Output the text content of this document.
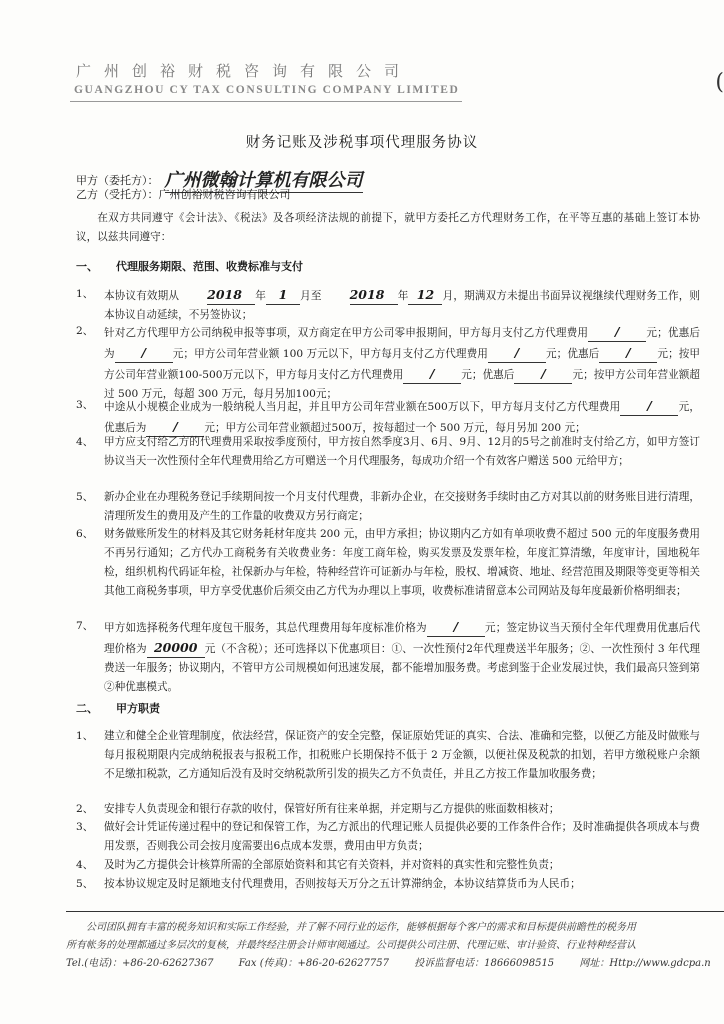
广州创裕财税咨询有限公司
GUANGZHOU CY TAX CONSULTING COMPANY LIMITED	(
财务记账及涉税事项代理服务协议
甲方（委托方）： 广州微翰计算机有限公司
乙方（受托方）：广州创裕财税咨询有限公司
在双方共同遵守《会计法》、《税法》及各项经济法规的前提下，就甲方委托乙方代理财务工作，在平等互惠的基础上签订本协议，以兹共同遵守：
一、 代理服务期限、范围、收费标准与支付
1、 本协议有效期从 2018 年 1 月至 2018 年 12 月，期满双方未提出书面异议视继续代理财务工作，则本协议自动延续，不另签协议；
2、 针对乙方代理甲方公司纳税申报等事项，双方商定在甲方公司零申报期间，甲方每月支付乙方代理费用 /	元；优惠后为 /	元；甲方公司年营业额 100 万元以下，甲方每月支付乙方代理费用 /	元；优惠后 /	元；按甲方公司年营业额100-500万元以下，甲方每月支付乙方代理费用 /	元；优惠后 /	元；按甲方公司年营业额超过 500 万元，每超 300 万元，每月另加100元；
3、 中途从小规模企业成为一般纳税人当月起，并且甲方公司年营业额在500万以下，甲方每月支付乙方代理费用 /	元，优惠后为 /	元；甲方公司年营业额超过500万，按每超过一个 500 万元，每月另加 200 元；
4、 甲方应支付给乙方的代理费用采取按季度预付，甲方按自然季度3月、6月、9月、12月的5号之前准时支付给乙方，如甲方签订协议当天一次性预付全年代理费用给乙方可赠送一个月代理服务，每成功介绍一个有效客户赠送 500 元给甲方；
5、 新办企业在办理税务登记手续期间按一个月支付代理费，非新办企业，在交接财务手续时由乙方对其以前的财务账目进行清理，清理所发生的费用及产生的工作量的收费双方另行商定；
6、 财务做账所发生的材料及其它财务耗材年度共 200 元，由甲方承担；协议期内乙方如有单项收费不超过 500 元的年度服务费用不再另行通知；乙方代办工商税务有关收费业务：年度工商年检，购买发票及发票年检，年度汇算清缴，年度审计，国地税年检，组织机构代码证年检，社保新办与年检，特种经营许可证新办与年检，股权、增减资、地址、经营范围及期限等变更等相关其他工商税务事项，甲方享受优惠价后须交由乙方代为办理以上事项，收费标准请留意本公司网站及每年度最新价格明细表；
7、 甲方如选择税务代理年度包干服务，其总代理费用每年度标准价格为 /	元；签定协议当天预付全年代理费用优惠后代理价格为 20000 元（不含税）；还可选择以下优惠项目：①、一次性预付2年代理费送半年服务；②、一次性预付 3 年代理费送一年服务；协议期内，不管甲方公司规模如何迅速发展，都不能增加服务费。考虑到鉴于企业发展过快，我们最高只签到第②种优惠模式。
二、 甲方职责
1、 建立和健全企业管理制度，依法经营，保证资产的安全完整，保证原始凭证的真实、合法、准确和完整，以便乙方能及时做账与每月报税期限内完成纳税报表与报税工作，扣税账户长期保持不低于 2 万金额，以便社保及税款的扣划，若甲方缴税账户余额不足缴扣税款，乙方通知后没有及时交纳税款所引发的损失乙方不负责任，并且乙方按工作量加收服务费；
2、 安排专人负责现金和银行存款的收付，保管好所有往来单据，并定期与乙方提供的账面数相核对；
3、 做好会计凭证传递过程中的登记和保管工作，为乙方派出的代理记账人员提供必要的工作条件合作；及时准确提供各项成本与费用发票，否则我公司会按月度需要出6点成本发票，费用由甲方负责；
4、 及时为乙方提供会计核算所需的全部原始资料和其它有关资料，并对资料的真实性和完整性负责；
5、 按本协议规定及时足额地支付代理费用，否则按每天万分之五计算滞纳金，本协议结算货币为人民币；
公司团队拥有丰富的税务知识和实际工作经验，并了解不同行业的运作，能够根据每个客户的需求和目标提供前瞻性的税务用
所有帐务的处理都通过多层次的复核，并最终经注册会计师审阅通过。公司提供公司注册、代理记账、审计验资、行业特种经营认
Tel.(电话)：+86-20-62627367	Fax (传真)：+86-20-62627757	投诉监督电话：18666098515	网址：Http://www.gdcpa.n
